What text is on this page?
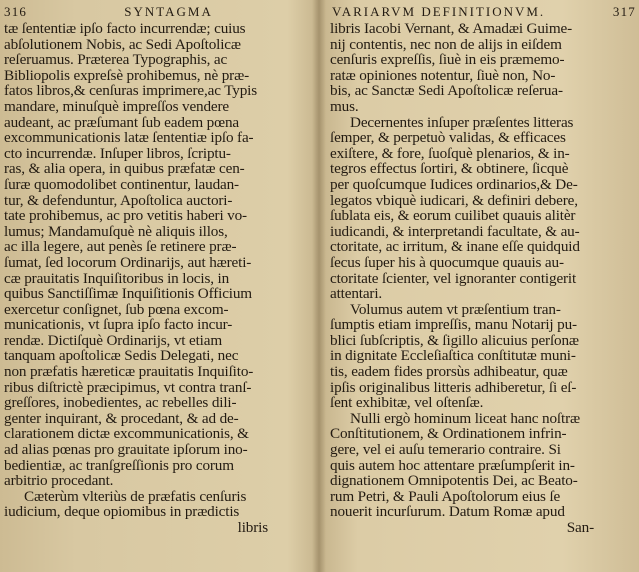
316	SYNTAGMA
tæ ſententiæ ipſo facto incurrendæ; cuius
abſolutionem Nobis, ac Sedi Apoſtolicæ
reſeruamus. Præterea Typographis, ac
Bibliopolis expreſsè prohibemus, nè præ-
fatos libros,& cenſuras imprimere,ac Typis
mandare, minuſquè impreſſos vendere
audeant, ac præſumant ſub eadem pœna
excommunicationis latæ ſententiæ ipſo fa-
cto incurrendæ. Inſuper libros, ſcriptu-
ras, & alia opera, in quibus præfatæ cen-
ſuræ quomodolibet continentur, laudan-
tur, & defenduntur, Apoſtolica auctori-
tate prohibemus, ac pro vetitis haberi vo-
lumus; Mandamuſquè nè aliquis illos,
ac illa legere, aut penès ſe retinere præ-
ſumat, ſed locorum Ordinarijs, aut hæreti-
cæ prauitatis Inquiſitoribus in locis, in
quibus Sanctiſſimæ Inquiſitionis Officium
exercetur conſignet, ſub pœna excom-
municationis, vt ſupra ipſo facto incur-
rendæ. Dictiſquè Ordinarijs, vt etiam
tanquam apoſtolicæ Sedis Delegati, nec
non præfatis hæreticæ prauitatis Inquiſito-
ribus diſtrictè præcipimus, vt contra tranſ-
greſſores, inobedientes, ac rebelles dili-
genter inquirant, & procedant, & ad de-
clarationem dictæ excommunicationis, &
ad alias pœnas pro grauitate ipſorum ino-
bedientiæ, ac tranſgreſſionis pro corum
arbitrio procedant.
Cæterùm vlteriùs de præfatis cenſuris
iudicium, deque opiomibus in prædictis
libris
VARIARVM DEFINITIONVM.	317
libris Iacobi Vernant, & Amadæi Guime-
nij contentis, nec non de alijs in eiſdem
cenſuris expreſſis, ſiuè in eis præmemo-
ratæ opiniones notentur, ſiuè non, No-
bis, ac Sanctæ Sedi Apoſtolicæ reſerua-
mus.
Decernentes inſuper præſentes litteras
ſemper, & perpetuò validas, & efficaces
exiſtere, & fore, ſuoſquè plenarios, & in-
tegros effectus ſortiri, & obtinere, ſicquè
per quoſcumque Iudices ordinarios,& De-
legatos vbiquè iudicari, & definiri debere,
ſublata eis, & eorum cuilibet quauis alitèr
iudicandi, & interpretandi facultate, & au-
ctoritate, ac irritum, & inane eſſe quidquid
ſecus ſuper his à quocumque quauis au-
ctoritate ſcienter, vel ignoranter contigerit
attentari.
Volumus autem vt præſentium tran-
ſumptis etiam impreſſis, manu Notarij pu-
blici ſubſcriptis, & ſigillo alicuius perſonæ
in dignitate Eccleſiaſtica conſtitutæ muni-
tis, eadem fides prorsùs adhibeatur, quæ
ipſis originalibus litteris adhiberetur, ſi eſ-
ſent exhibitæ, vel oſtenſæ.
Nulli ergò hominum liceat hanc noſtræ
Conſtitutionem, & Ordinationem infrin-
gere, vel ei auſu temerario contraire. Si
quis autem hoc attentare præſumpſerit in-
dignationem Omnipotentis Dei, ac Beato-
rum Petri, & Pauli Apoſtolorum eius ſe
nouerit incurſurum. Datum Romæ apud
San-
